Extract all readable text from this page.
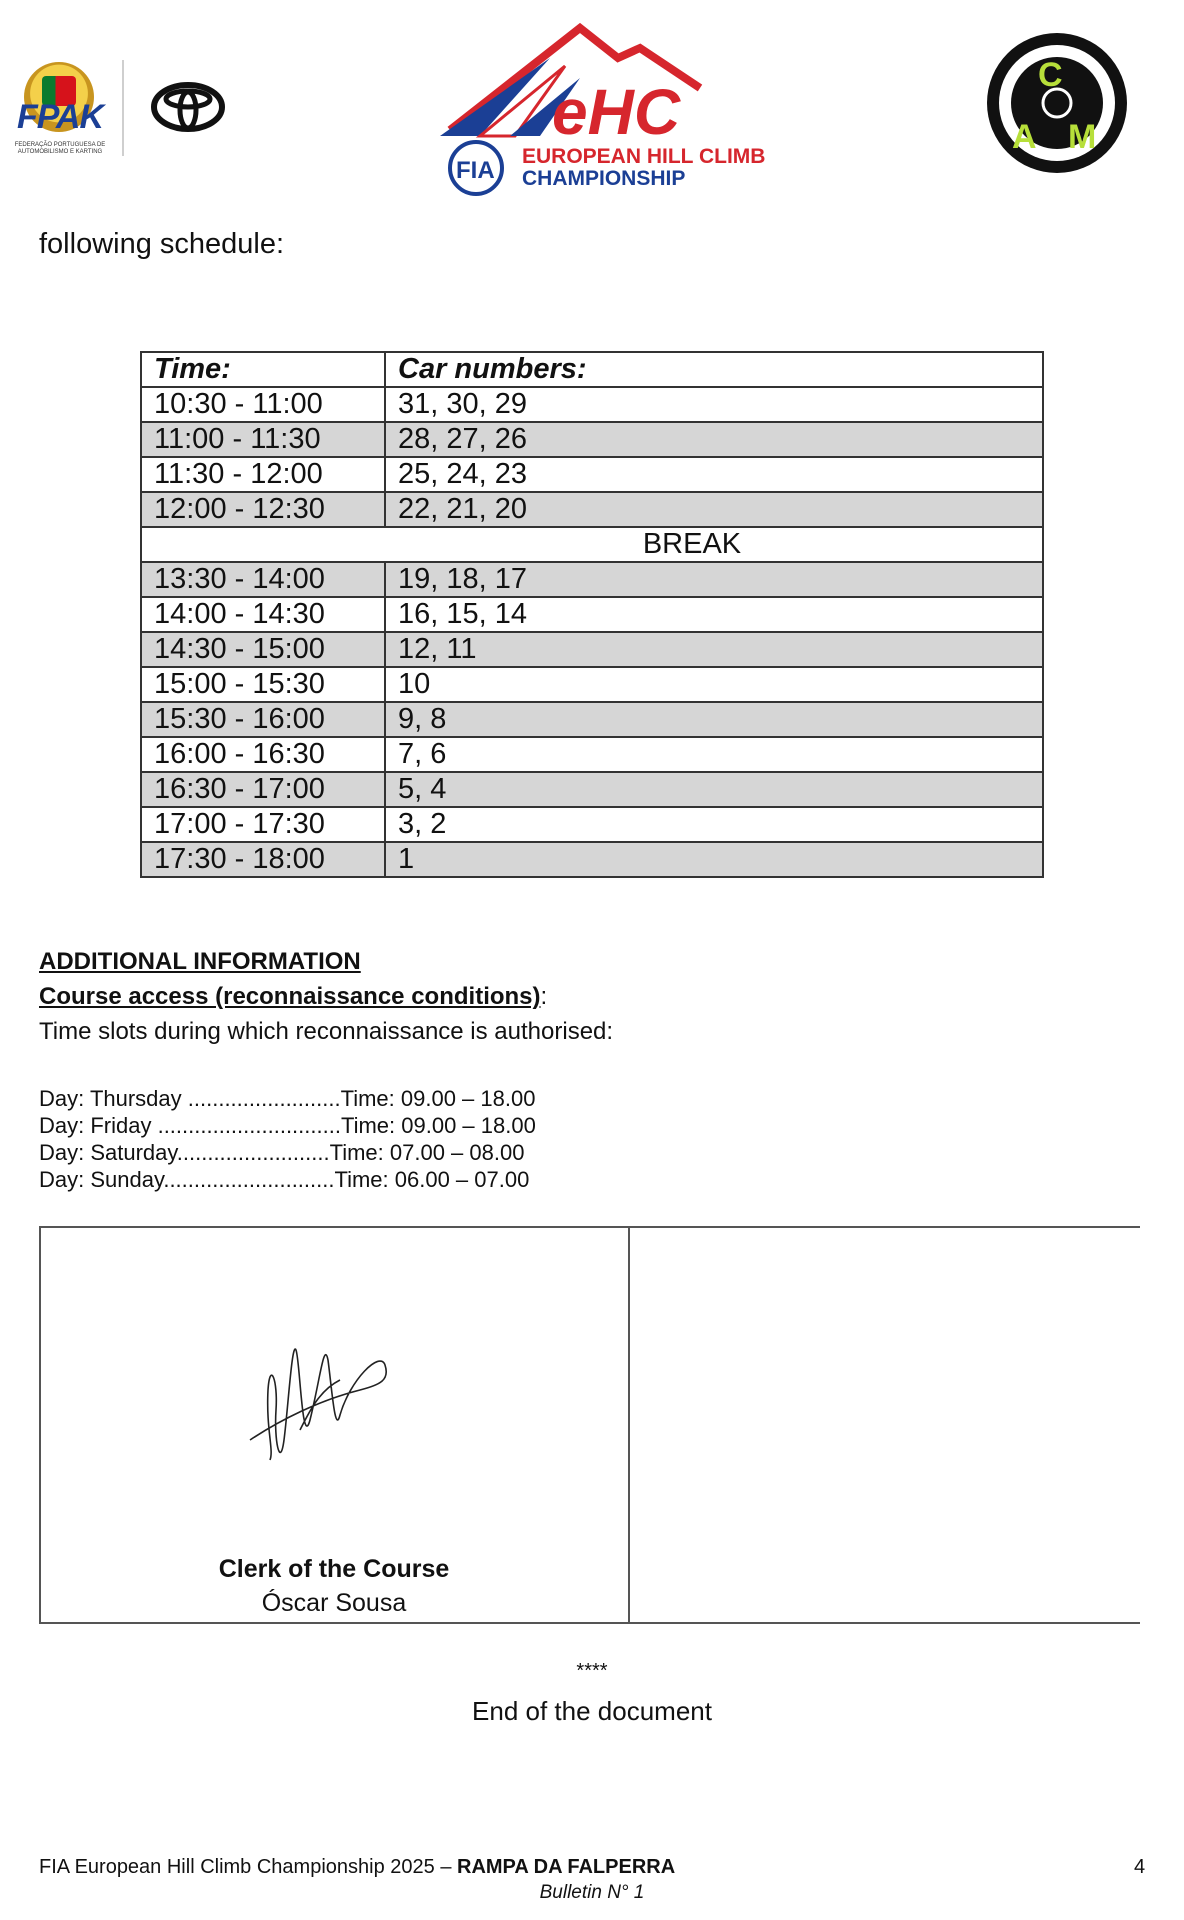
FPAK
FEDERAÇÃO PORTUGUESA DE AUTOMOBILISMO E KARTING
eHC
FIA
EUROPEAN HILL CLIMB
CHAMPIONSHIP
C
A M
following schedule:
Time:	Car numbers:
10:30 - 11:00	31, 30, 29
11:00 - 11:30	28, 27, 26
11:30 - 12:00	25, 24, 23
12:00 - 12:30	22, 21, 20
BREAK	
13:30 - 14:00	19, 18, 17
14:00 - 14:30	16, 15, 14
14:30 - 15:00	12, 11
15:00 - 15:30	10
15:30 - 16:00	9, 8
16:00 - 16:30	7, 6
16:30 - 17:00	5, 4
17:00 - 17:30	3, 2
17:30 - 18:00	1
ADDITIONAL INFORMATION
Course access (reconnaissance conditions):
Time slots during which reconnaissance is authorised:
Day: Thursday .........................Time: 09.00 – 18.00
Day: Friday ..............................Time: 09.00 – 18.00
Day: Saturday.........................Time: 07.00 – 08.00
Day: Sunday............................Time: 06.00 – 07.00
Clerk of the Course
Óscar Sousa
****
End of the document
FIA European Hill Climb Championship 2025 – RAMPA DA FALPERRA
Bulletin N° 1
4
